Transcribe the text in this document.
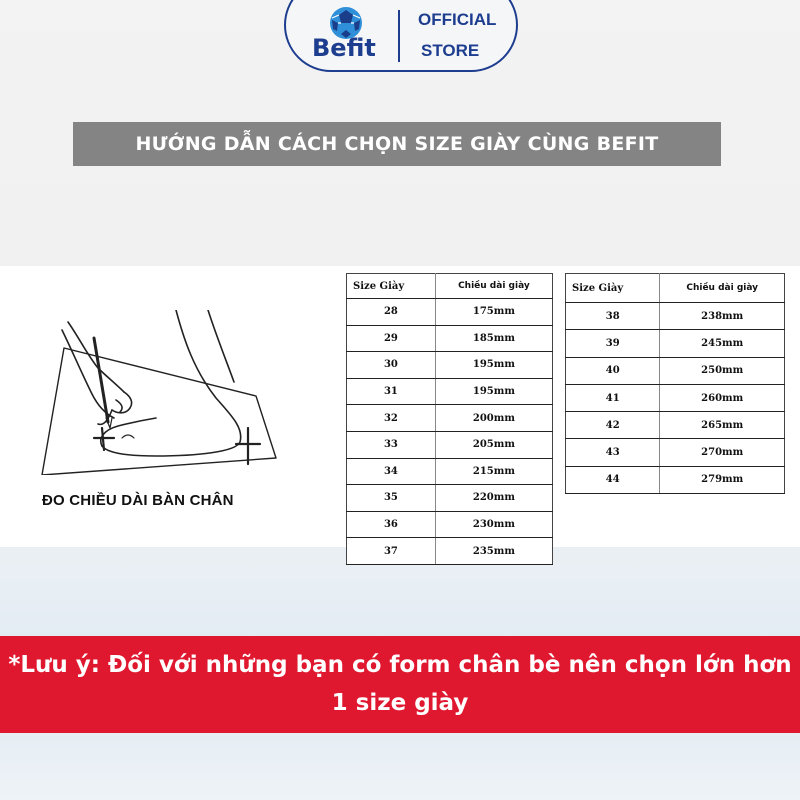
Befit
OFFICIAL
STORE
HƯỚNG DẪN CÁCH CHỌN SIZE GIÀY CÙNG BEFIT
ĐO CHIỀU DÀI BÀN CHÂN
Size Giày	Chiều dài giày
28	175mm
29	185mm
30	195mm
31	195mm
32	200mm
33	205mm
34	215mm
35	220mm
36	230mm
37	235mm
Size Giày	Chiều dài giày
38	238mm
39	245mm
40	250mm
41	260mm
42	265mm
43	270mm
44	279mm
*Lưu ý: Đối với những bạn có form chân bè nên chọn lớn hơn 1 size giày
